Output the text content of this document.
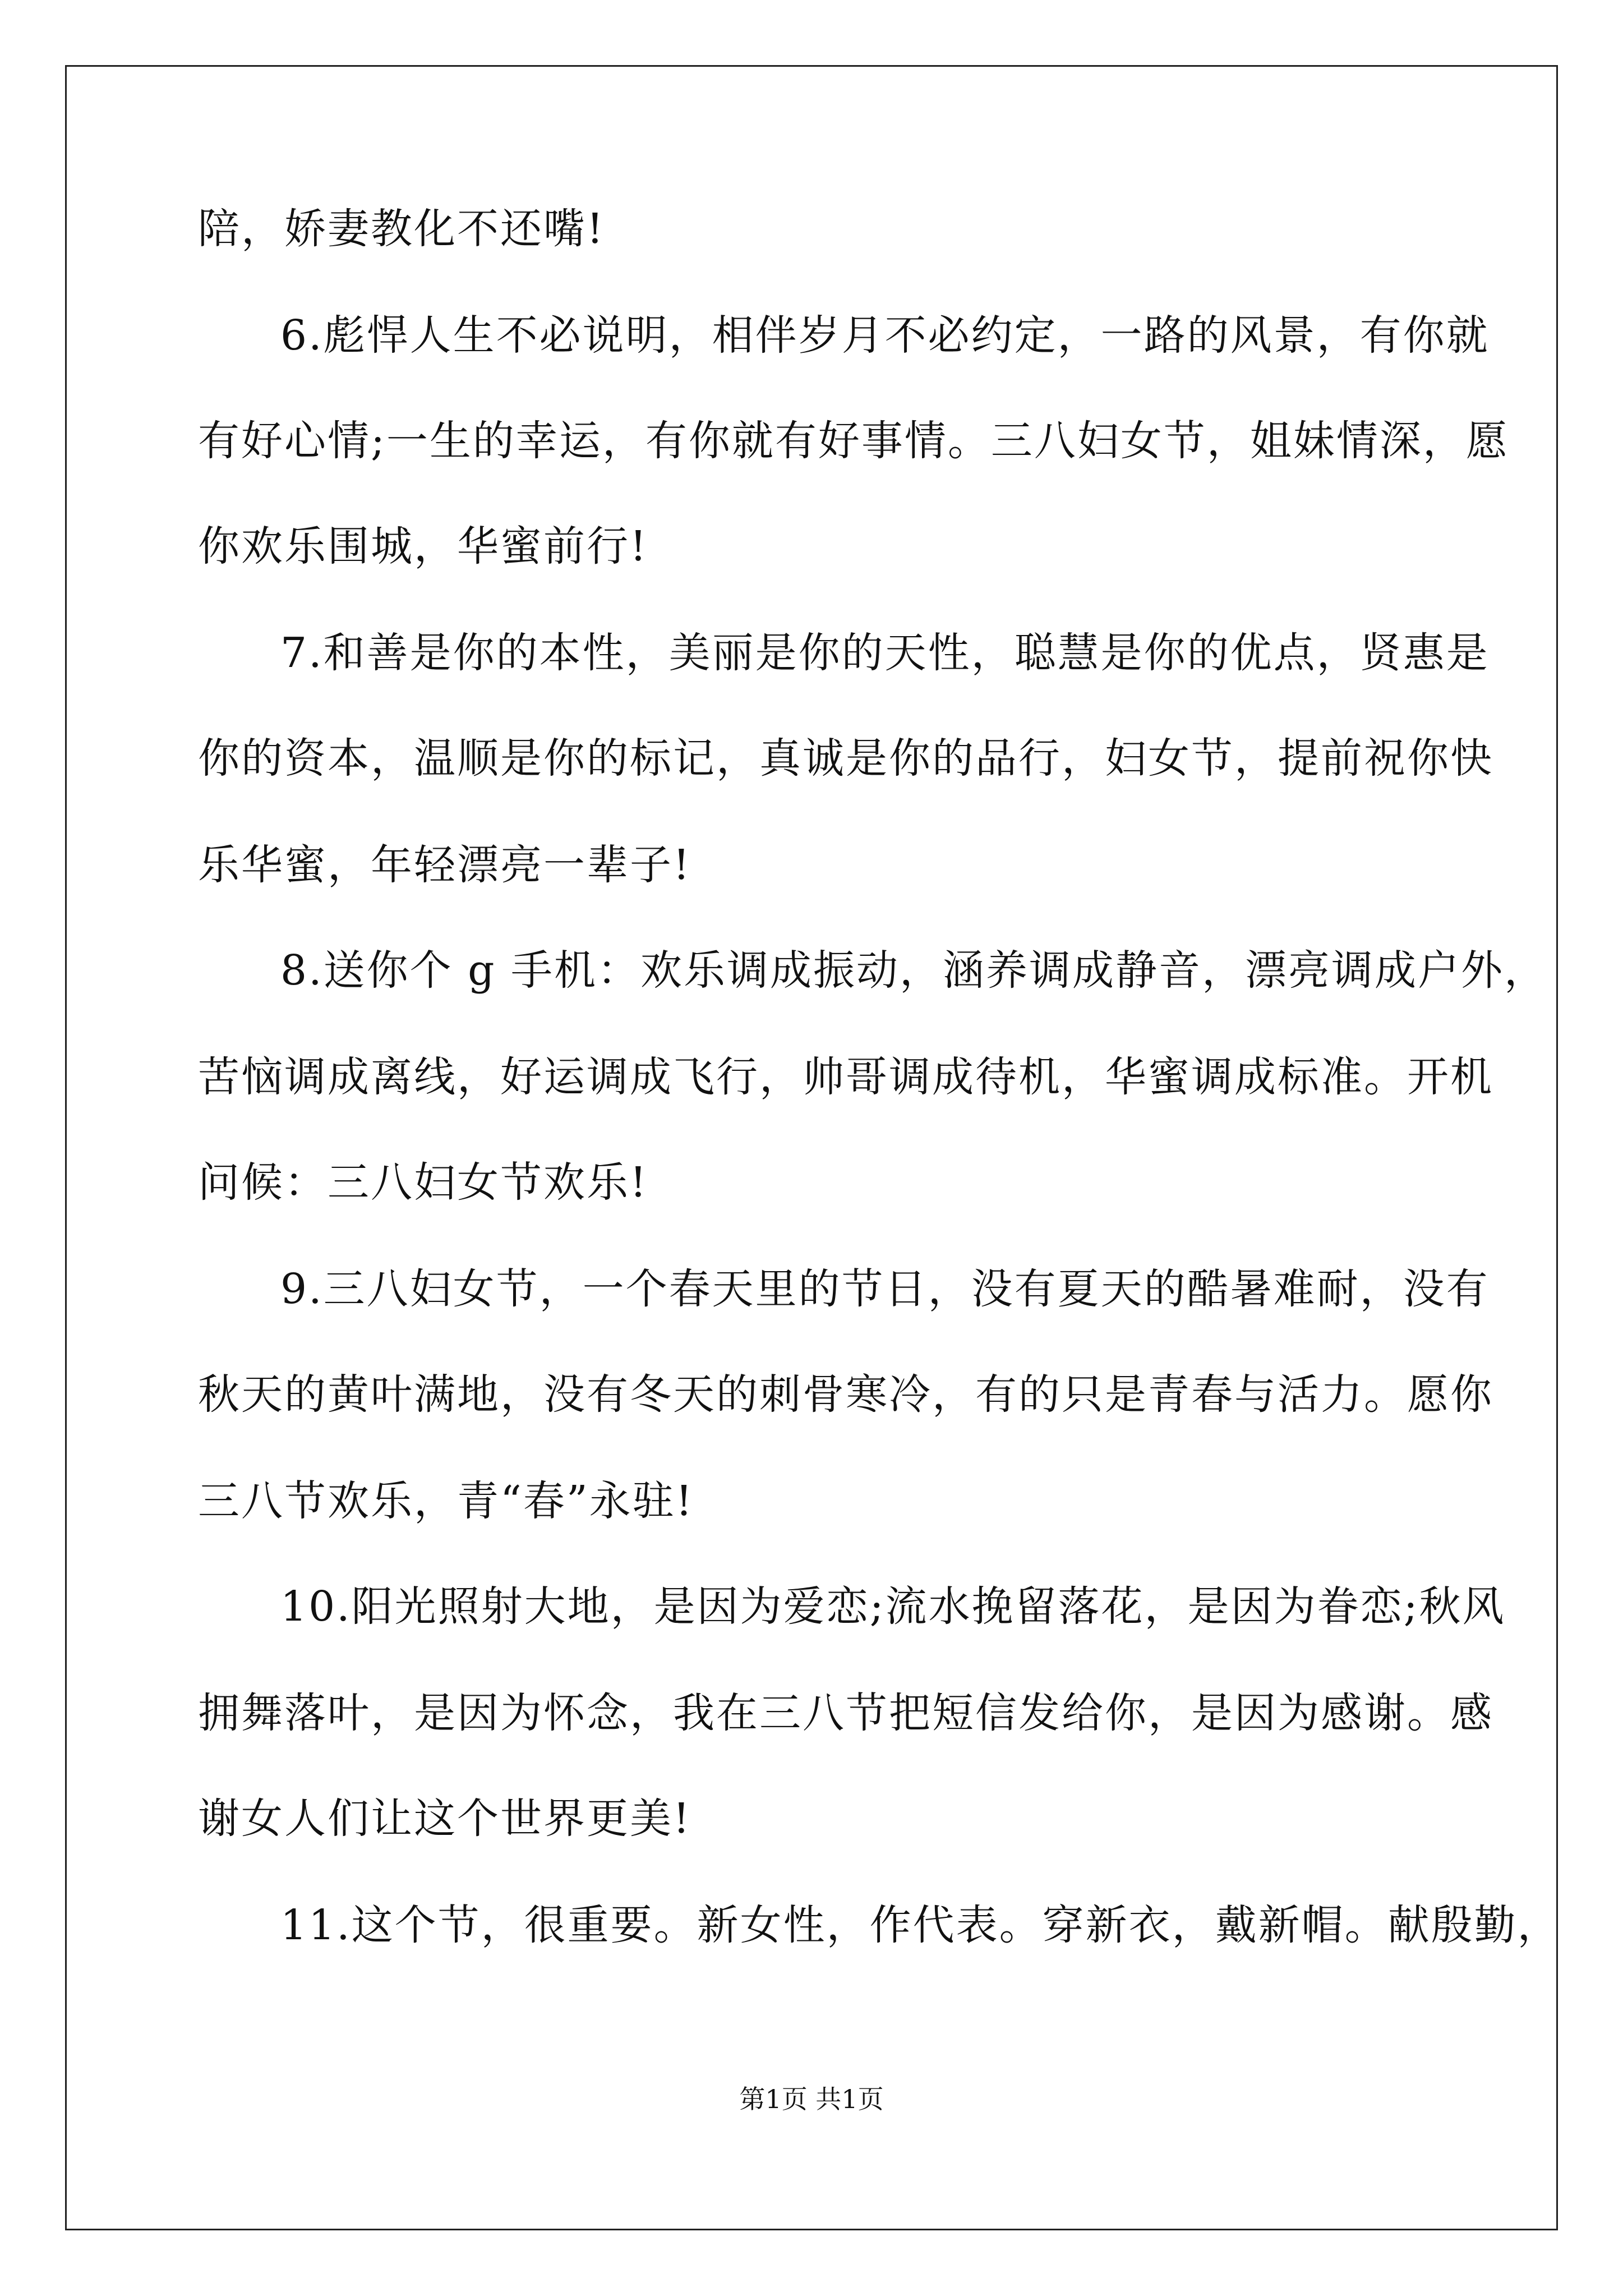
陪，娇妻教化不还嘴!
6.彪悍人生不必说明，相伴岁月不必约定，一路的风景，有你就
有好心情;一生的幸运，有你就有好事情。三八妇女节，姐妹情深，愿
你欢乐围城，华蜜前行!
7.和善是你的本性，美丽是你的天性，聪慧是你的优点，贤惠是
你的资本，温顺是你的标记，真诚是你的品行，妇女节，提前祝你快
乐华蜜，年轻漂亮一辈子!
8.送你个 g 手机：欢乐调成振动，涵养调成静音，漂亮调成户外，
苦恼调成离线，好运调成飞行，帅哥调成待机，华蜜调成标准。开机
问候：三八妇女节欢乐!
9.三八妇女节，一个春天里的节日，没有夏天的酷暑难耐，没有
秋天的黄叶满地，没有冬天的刺骨寒冷，有的只是青春与活力。愿你
三八节欢乐，青“春”永驻!
10.阳光照射大地，是因为爱恋;流水挽留落花，是因为眷恋;秋风
拥舞落叶，是因为怀念，我在三八节把短信发给你，是因为感谢。感
谢女人们让这个世界更美!
11.这个节，很重要。新女性，作代表。穿新衣，戴新帽。献殷勤，
第1页 共1页
